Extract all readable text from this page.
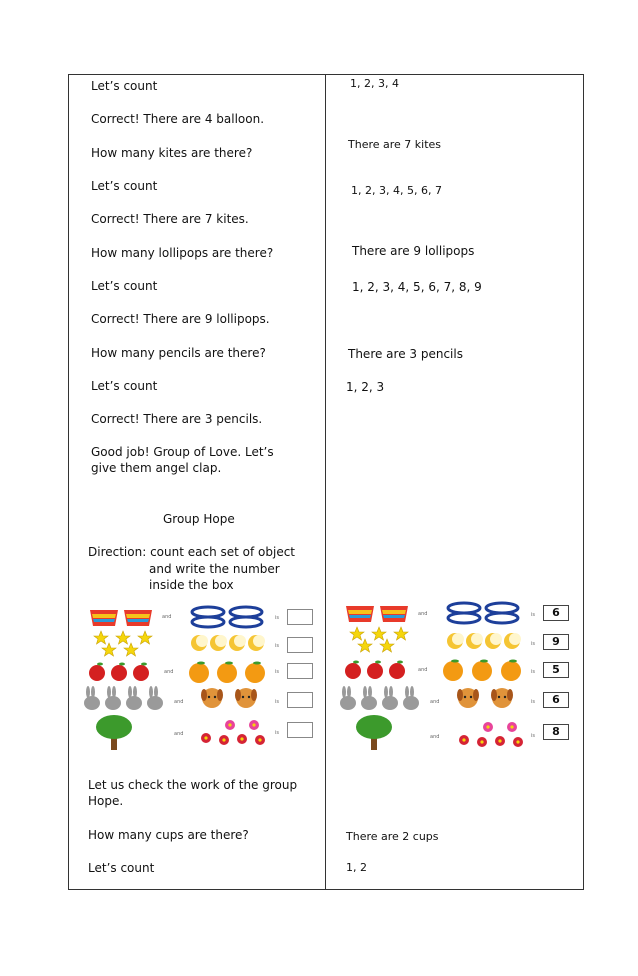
Let’s count
Correct! There are 4 balloon.
How many kites are there?
Let’s count
Correct! There are 7 kites.
How many lollipops are there?
Let’s count
Correct! There are 9 lollipops.
How many pencils are there?
Let’s count
Correct! There are 3 pencils.
Good job! Group of Love. Let’s give them angel clap.
Group Hope
Direction: count each set of object
and write the number inside the box
Let us check the work of the group Hope.
How many cups are there?
Let’s count
1, 2, 3, 4
There are 7 kites
1, 2, 3, 4, 5, 6, 7
There are 9 lollipops
1, 2, 3, 4, 5, 6, 7, 8, 9
There are 3 pencils
1, 2, 3
There are 2 cups
1, 2
and
and
and
and
is
is
is
is
is
and
and
and
and
is
is
is
is
is
6
9
5
6
8
